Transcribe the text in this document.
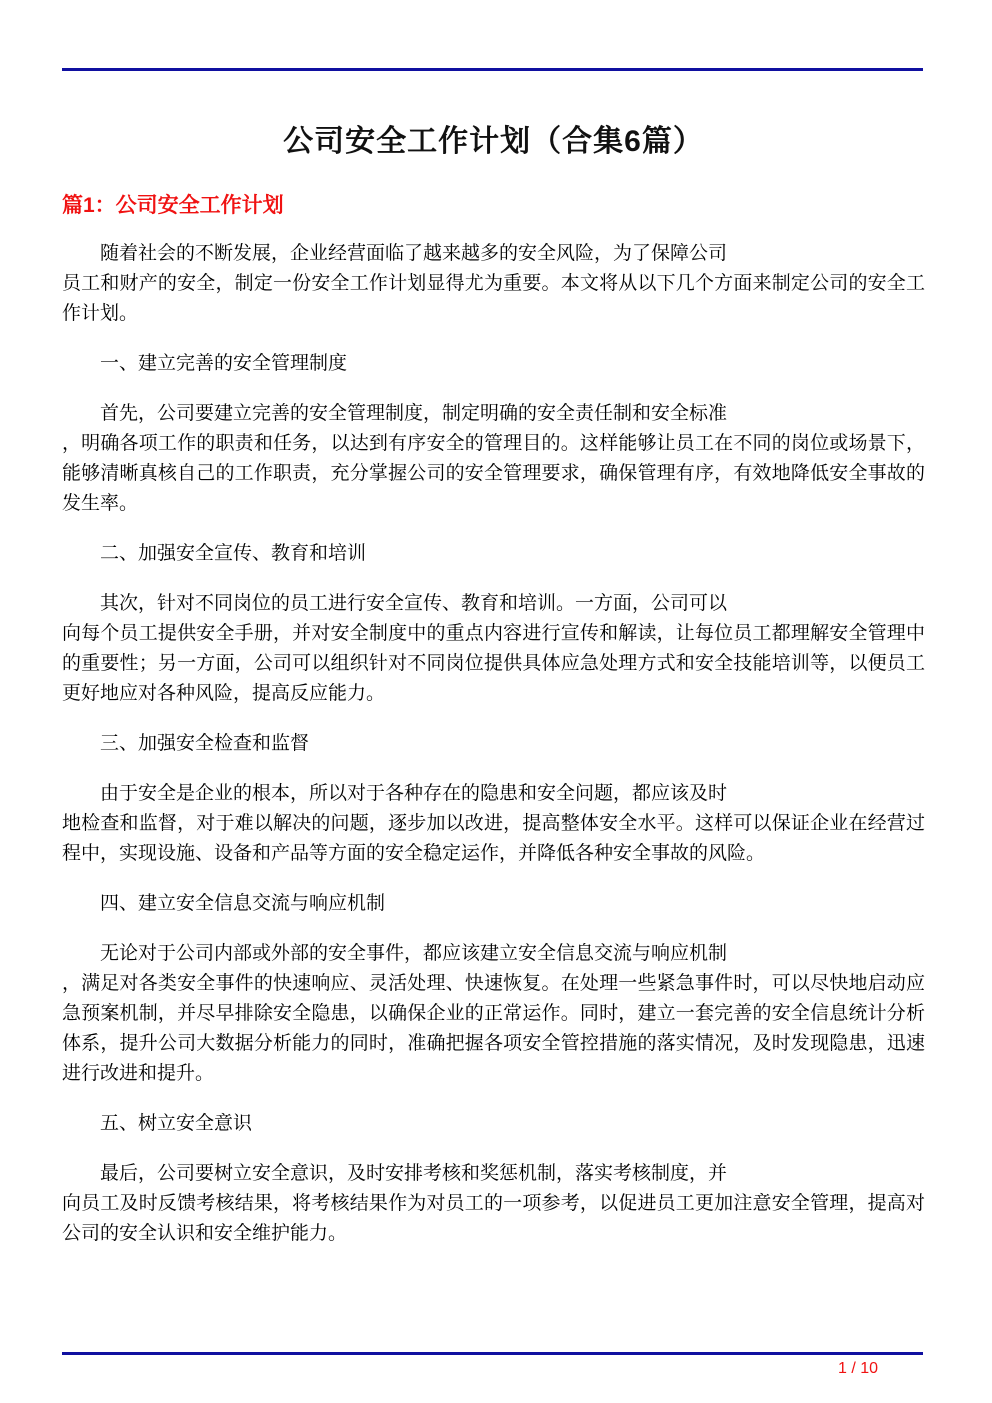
公司安全工作计划（合集6篇）
篇1：公司安全工作计划

随着社会的不断发展，企业经营面临了越来越多的安全风险，为了保障公司
员工和财产的安全，制定一份安全工作计划显得尤为重要。本文将从以下几个方面来制定公司的安全工作计划。

一、建立完善的安全管理制度

首先，公司要建立完善的安全管理制度，制定明确的安全责任制和安全标准
，明确各项工作的职责和任务，以达到有序安全的管理目的。这样能够让员工在不同的岗位或场景下，能够清晰真核自己的工作职责，充分掌握公司的安全管理要求，确保管理有序，有效地降低安全事故的发生率。

二、加强安全宣传、教育和培训

其次，针对不同岗位的员工进行安全宣传、教育和培训。一方面，公司可以
向每个员工提供安全手册，并对安全制度中的重点内容进行宣传和解读，让每位员工都理解安全管理中的重要性；另一方面，公司可以组织针对不同岗位提供具体应急处理方式和安全技能培训等，以便员工更好地应对各种风险，提高反应能力。

三、加强安全检查和监督

由于安全是企业的根本，所以对于各种存在的隐患和安全问题，都应该及时
地检查和监督，对于难以解决的问题，逐步加以改进，提高整体安全水平。这样可以保证企业在经营过程中，实现设施、设备和产品等方面的安全稳定运作，并降低各种安全事故的风险。

四、建立安全信息交流与响应机制

无论对于公司内部或外部的安全事件，都应该建立安全信息交流与响应机制
，满足对各类安全事件的快速响应、灵活处理、快速恢复。在处理一些紧急事件时，可以尽快地启动应急预案机制，并尽早排除安全隐患，以确保企业的正常运作。同时，建立一套完善的安全信息统计分析体系，提升公司大数据分析能力的同时，准确把握各项安全管控措施的落实情况，及时发现隐患，迅速进行改进和提升。

五、树立安全意识

最后，公司要树立安全意识，及时安排考核和奖惩机制，落实考核制度，并
向员工及时反馈考核结果，将考核结果作为对员工的一项参考，以促进员工更加注意安全管理，提高对公司的安全认识和安全维护能力。

1 / 10
